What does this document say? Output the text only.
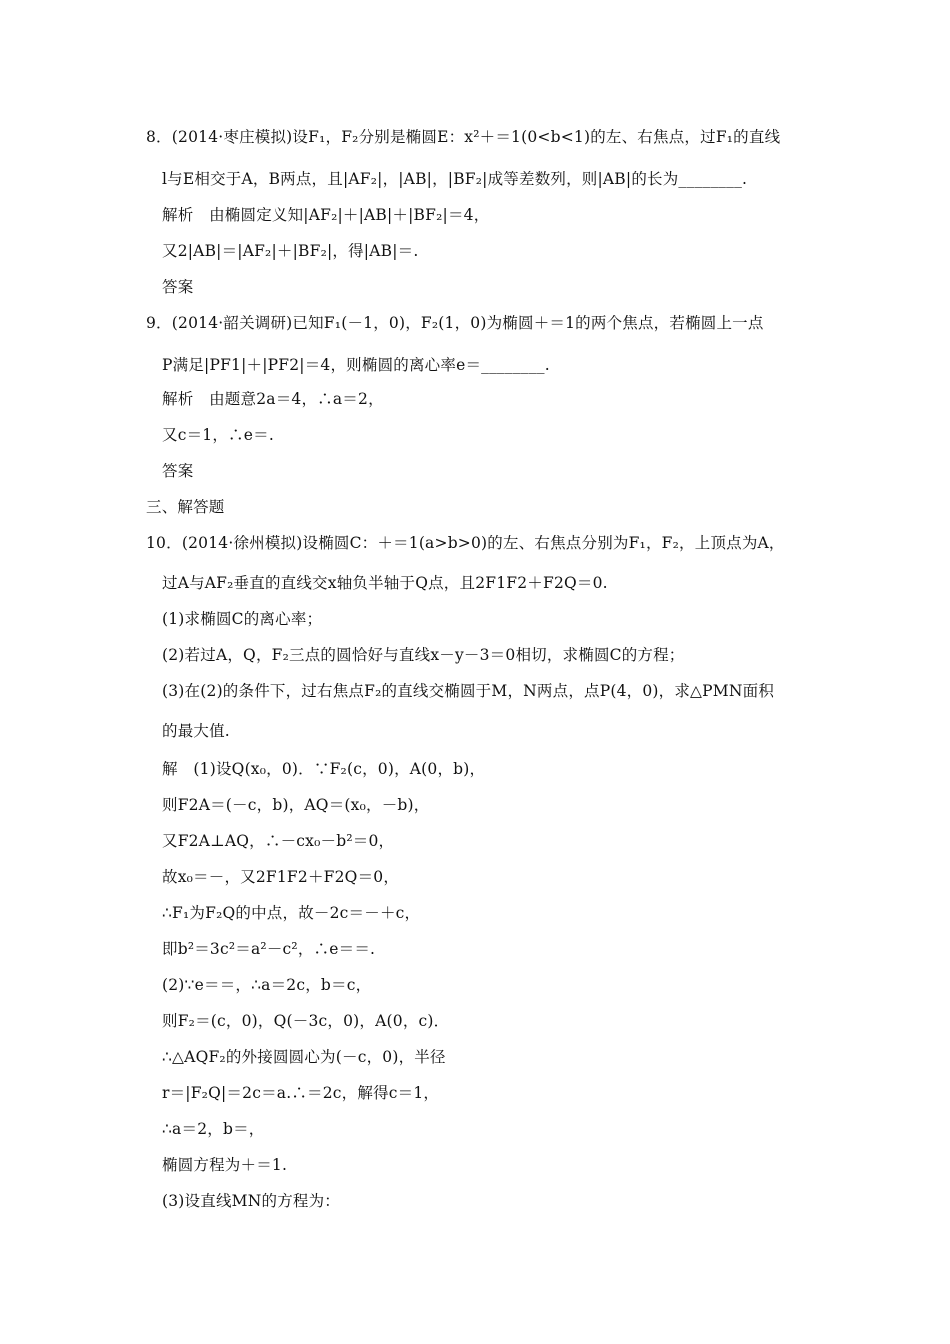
8．(2014·枣庄模拟)设F₁，F₂分别是椭圆E：x²＋＝1(0<b<1)的左、右焦点，过F₁的直线
l与E相交于A，B两点，且|AF₂|，|AB|，|BF₂|成等差数列，则|AB|的长为________.
解析　由椭圆定义知|AF₂|＋|AB|＋|BF₂|＝4，
又2|AB|＝|AF₂|＋|BF₂|，得|AB|＝.
答案
9．(2014·韶关调研)已知F₁(－1，0)，F₂(1，0)为椭圆＋＝1的两个焦点，若椭圆上一点
P满足|PF1|＋|PF2|＝4，则椭圆的离心率e＝________.
解析　由题意2a＝4，∴a＝2，
又c＝1，∴e＝.
答案
三、解答题
10．(2014·徐州模拟)设椭圆C：＋＝1(a>b>0)的左、右焦点分别为F₁，F₂，上顶点为A，
过A与AF₂垂直的直线交x轴负半轴于Q点，且2F1F2＋F2Q＝0.
(1)求椭圆C的离心率；
(2)若过A，Q，F₂三点的圆恰好与直线x－y－3＝0相切，求椭圆C的方程；
(3)在(2)的条件下，过右焦点F₂的直线交椭圆于M，N两点，点P(4，0)，求△PMN面积
的最大值.
解　(1)设Q(x₀，0)．∵F₂(c，0)，A(0，b)，
则F2A＝(－c，b)，AQ＝(x₀，－b)，
又F2A⊥AQ，∴－cx₀－b²＝0，
故x₀＝－，又2F1F2＋F2Q＝0，
∴F₁为F₂Q的中点，故－2c＝－＋c，
即b²＝3c²＝a²－c²，∴e＝＝.
(2)∵e＝＝，∴a＝2c，b＝c，
则F₂＝(c，0)，Q(－3c，0)，A(0，c)．
∴△AQF₂的外接圆圆心为(－c，0)，半径
r＝|F₂Q|＝2c＝a.∴＝2c，解得c＝1，
∴a＝2，b＝，
椭圆方程为＋＝1.
(3)设直线MN的方程为：
